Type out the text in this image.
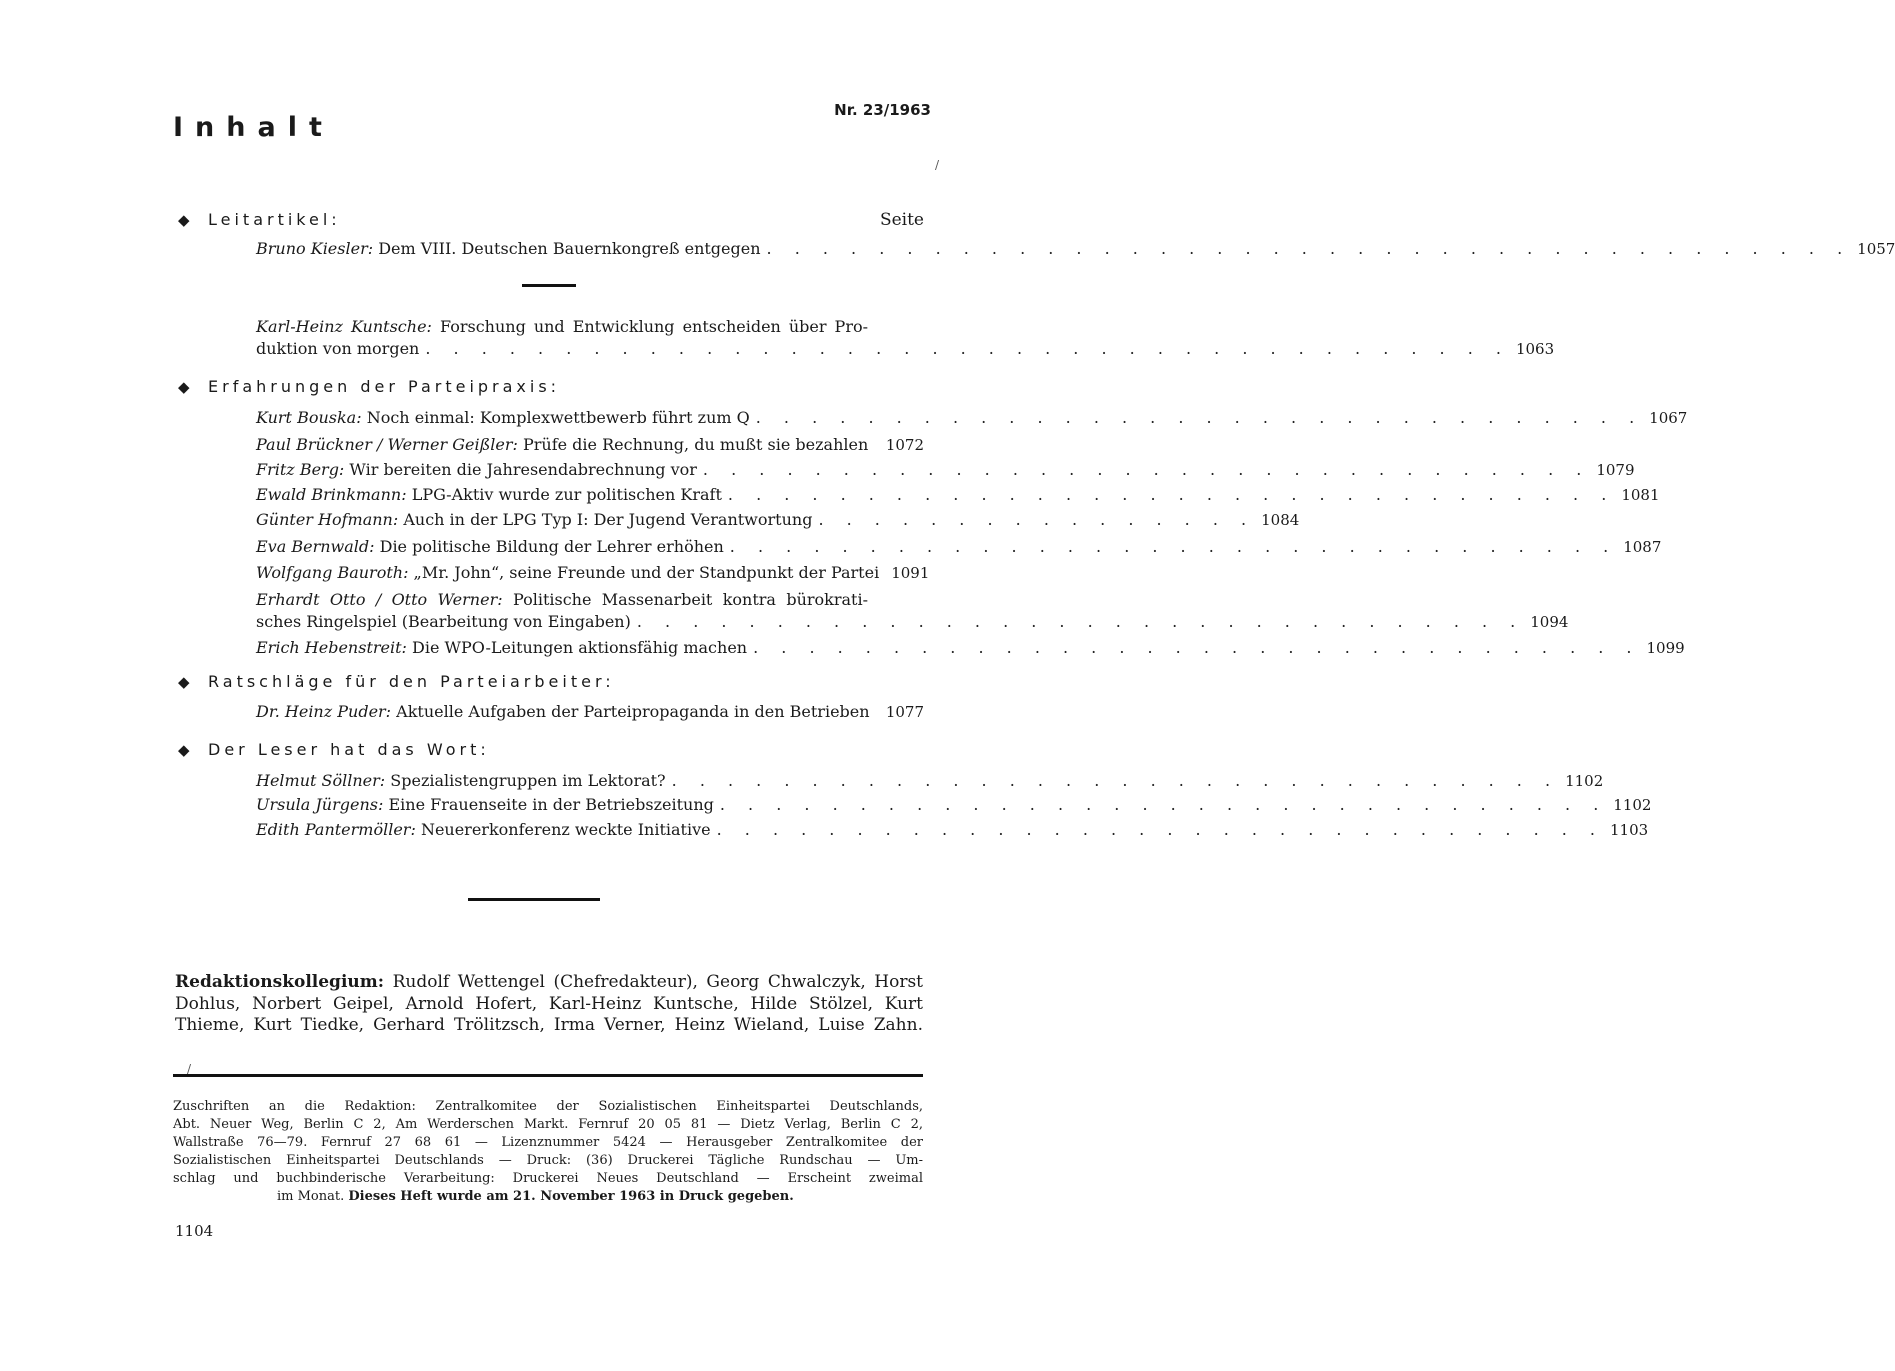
Inhalt
Nr. 23/1963
◆ Leitartikel:	Seite
Bruno Kiesler: Dem VIII. Deutschen Bauernkongreß entgegen . . . . . . . . . . . . . . . . . . . . . . . . . . . . . . . . . . . . . . . 1057
Karl-Heinz Kuntsche: Forschung und Entwicklung entscheiden über Pro-
duktion von morgen . . . . . . . . . . . . . . . . . . . . . . . . . . . . . . . . . . . . . . . 1063
◆ Erfahrungen der Parteipraxis:
Kurt Bouska: Noch einmal: Komplexwettbewerb führt zum Q . . . . . . . . . . . . . . . . . . . . . . . . . . . . . . . . 1067
Paul Brückner / Werner Geißler: Prüfe die Rechnung, du mußt sie bezahlen 1072
Fritz Berg: Wir bereiten die Jahresendabrechnung vor . . . . . . . . . . . . . . . . . . . . . . . . . . . . . . . . 1079
Ewald Brinkmann: LPG-Aktiv wurde zur politischen Kraft . . . . . . . . . . . . . . . . . . . . . . . . . . . . . . . . 1081
Günter Hofmann: Auch in der LPG Typ I: Der Jugend Verantwortung . . . . . . . . . . . . . . . . 1084
Eva Bernwald: Die politische Bildung der Lehrer erhöhen . . . . . . . . . . . . . . . . . . . . . . . . . . . . . . . . 1087
Wolfgang Bauroth: „Mr. John“, seine Freunde und der Standpunkt der Partei 1091
Erhardt Otto / Otto Werner: Politische Massenarbeit kontra bürokrati-
sches Ringelspiel (Bearbeitung von Eingaben) . . . . . . . . . . . . . . . . . . . . . . . . . . . . . . . . 1094
Erich Hebenstreit: Die WPO-Leitungen aktionsfähig machen . . . . . . . . . . . . . . . . . . . . . . . . . . . . . . . . 1099
◆ Ratschläge für den Parteiarbeiter:
Dr. Heinz Puder: Aktuelle Aufgaben der Parteipropaganda in den Betrieben 1077
◆ Der Leser hat das Wort:
Helmut Söllner: Spezialistengruppen im Lektorat? . . . . . . . . . . . . . . . . . . . . . . . . . . . . . . . . 1102
Ursula Jürgens: Eine Frauenseite in der Betriebszeitung . . . . . . . . . . . . . . . . . . . . . . . . . . . . . . . . 1102
Edith Pantermöller: Neuererkonferenz weckte Initiative . . . . . . . . . . . . . . . . . . . . . . . . . . . . . . . . 1103
Redaktionskollegium: Rudolf Wettengel (Chefredakteur), Georg Chwalczyk, Horst
Dohlus, Norbert Geipel, Arnold Hofert, Karl-Heinz Kuntsche, Hilde Stölzel, Kurt
Thieme, Kurt Tiedke, Gerhard Trölitzsch, Irma Verner, Heinz Wieland, Luise Zahn.
Zuschriften an die Redaktion: Zentralkomitee der Sozialistischen Einheitspartei Deutschlands,
Abt. Neuer Weg, Berlin C 2, Am Werderschen Markt. Fernruf 20 05 81 — Dietz Verlag, Berlin C 2,
Wallstraße 76—79. Fernruf 27 68 61 — Lizenznummer 5424 — Herausgeber Zentralkomitee der
Sozialistischen Einheitspartei Deutschlands — Druck: (36) Druckerei Tägliche Rundschau — Um-
schlag und buchbinderische Verarbeitung: Druckerei Neues Deutschland — Erscheint zweimal
im Monat. Dieses Heft wurde am 21. November 1963 in Druck gegeben.
1104
/
/
